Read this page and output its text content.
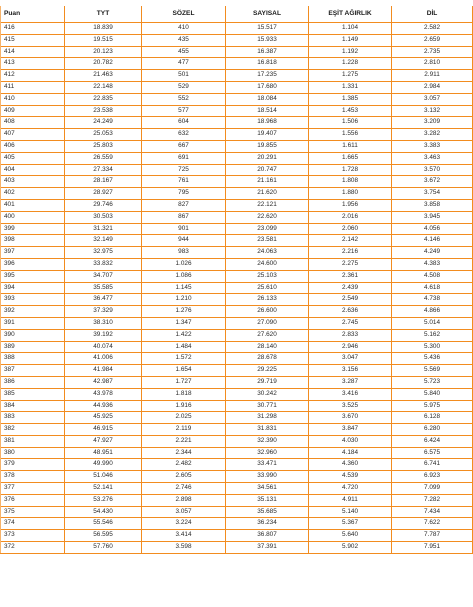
Puan	TYT	SÖZEL	SAYISAL	EŞİT AĞIRLIK	DİL
416	18.839	410	15.517	1.104	2.582
415	19.515	435	15.933	1.149	2.659
414	20.123	455	16.387	1.192	2.735
413	20.782	477	16.818	1.228	2.810
412	21.463	501	17.235	1.275	2.911
411	22.148	529	17.680	1.331	2.984
410	22.835	552	18.084	1.385	3.057
409	23.538	577	18.514	1.453	3.132
408	24.249	604	18.968	1.506	3.209
407	25.053	632	19.407	1.556	3.282
406	25.803	667	19.855	1.611	3.383
405	26.559	691	20.291	1.665	3.463
404	27.334	725	20.747	1.728	3.570
403	28.167	761	21.161	1.808	3.672
402	28.927	795	21.620	1.880	3.754
401	29.746	827	22.121	1.956	3.858
400	30.503	867	22.620	2.016	3.945
399	31.321	901	23.099	2.060	4.056
398	32.149	944	23.581	2.142	4.146
397	32.975	983	24.063	2.216	4.249
396	33.832	1.026	24.600	2.275	4.383
395	34.707	1.086	25.103	2.361	4.508
394	35.585	1.145	25.610	2.439	4.618
393	36.477	1.210	26.133	2.549	4.738
392	37.329	1.276	26.600	2.636	4.866
391	38.310	1.347	27.090	2.745	5.014
390	39.192	1.422	27.620	2.833	5.162
389	40.074	1.484	28.140	2.946	5.300
388	41.006	1.572	28.678	3.047	5.436
387	41.984	1.654	29.225	3.156	5.569
386	42.987	1.727	29.719	3.287	5.723
385	43.978	1.818	30.242	3.416	5.840
384	44.936	1.916	30.771	3.525	5.975
383	45.925	2.025	31.298	3.670	6.128
382	46.915	2.119	31.831	3.847	6.280
381	47.927	2.221	32.390	4.030	6.424
380	48.951	2.344	32.960	4.184	6.575
379	49.990	2.482	33.471	4.360	6.741
378	51.046	2.605	33.990	4.539	6.923
377	52.141	2.746	34.561	4.720	7.099
376	53.276	2.898	35.131	4.911	7.282
375	54.430	3.057	35.685	5.140	7.434
374	55.546	3.224	36.234	5.367	7.622
373	56.595	3.414	36.807	5.640	7.787
372	57.760	3.598	37.391	5.902	7.951
